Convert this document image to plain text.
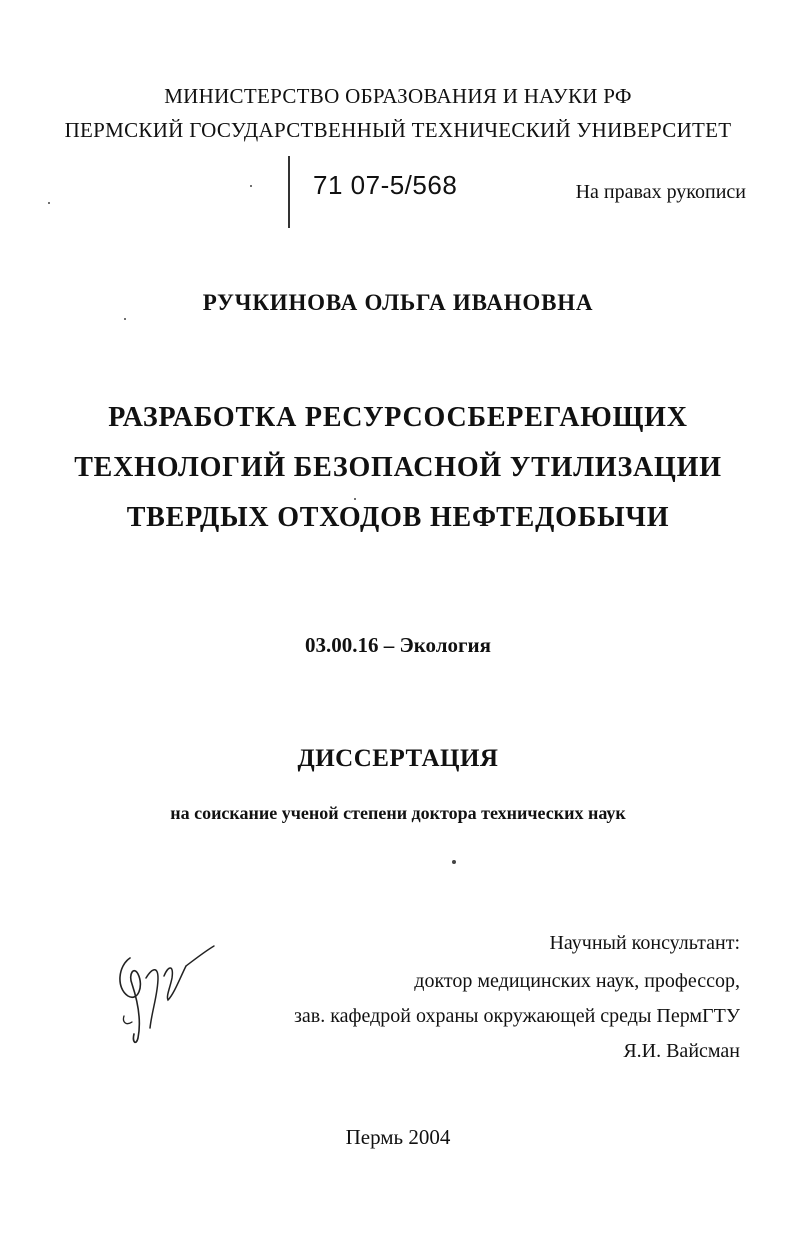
МИНИСТЕРСТВО ОБРАЗОВАНИЯ И НАУКИ РФ
ПЕРМСКИЙ ГОСУДАРСТВЕННЫЙ ТЕХНИЧЕСКИЙ УНИВЕРСИТЕТ
71 07-5/568	На правах рукописи
РУЧКИНОВА ОЛЬГА ИВАНОВНА
РАЗРАБОТКА РЕСУРСОСБЕРЕГАЮЩИХ
ТЕХНОЛОГИЙ БЕЗОПАСНОЙ УТИЛИЗАЦИИ
ТВЕРДЫХ ОТХОДОВ НЕФТЕДОБЫЧИ
03.00.16 – Экология
ДИССЕРТАЦИЯ
на соискание ученой степени доктора технических наук
Научный консультант:
доктор медицинских наук, профессор,
зав. кафедрой охраны окружающей среды ПермГТУ
Я.И. Вайсман
Пермь 2004
